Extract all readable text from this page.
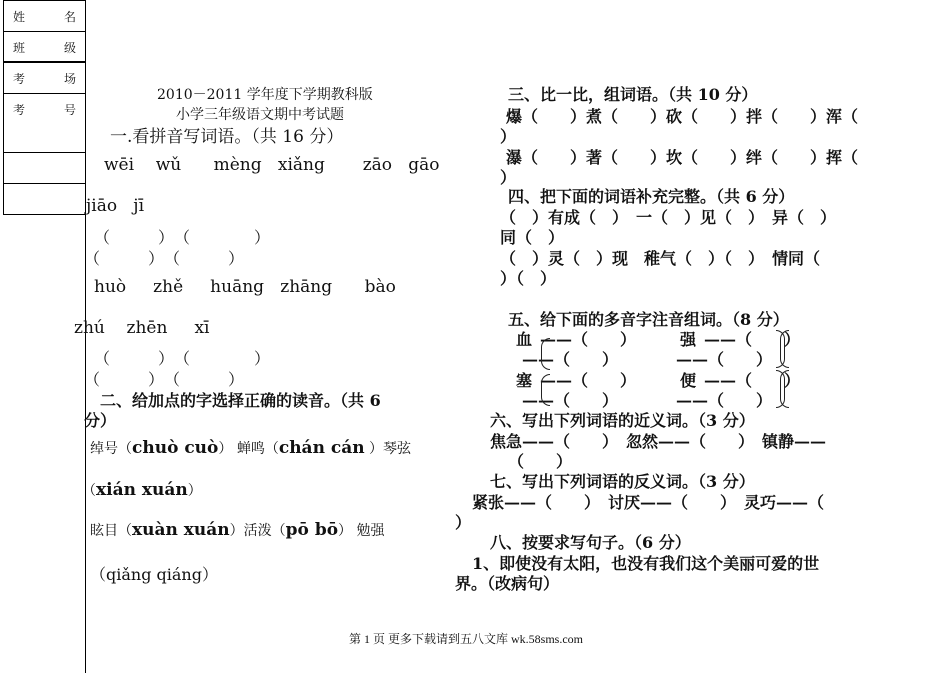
姓	名
班	级
考	场
考	号
2010－2011 学年度下学期教科版
小学三年级语文期中考试题
一.看拼音写词语。（共 16 分）
wēi wǔ mèng xiǎng zāo gāo
jiāo jī
（　　　）　（　　　　）
（　　　）　（　　　）
huò zhě huāng zhāng bào
zhú zhēn xī
（　　　）　（　　　　）
（　　　）　（　　　）
二、给加点的字选择正确的读音。（共 6
分）
绰号（chuò cuò） 蝉鸣（chán cán ）琴弦
（xián xuán）
眩目（xuàn xuán）活泼（pō bō） 勉强
（qiǎng qiáng）
三、比一比，组词语。（共 10 分）
爆（　　）煮（　　）砍（　　）拌（　　）浑（
）
瀑（　　）著（　　）坎（　　）绊（　　）挥（
）
四、把下面的词语补充完整。（共 6 分）
（　）有成（　）　一（　）见（　）　异（　）
同（　）
（　）灵（　）现　稚气（　）（　）　情同（
）（　）
五、给下面的多音字注音组词。（8 分）
血 ——（　　）
——（　　）
强 ——（　　）
——（　　）
塞 ——（　　）
——（　　）
便 ——（　　）
——（　　）
六、写出下列词语的近义词。（3 分）
焦急——（　　）　忽然——（　　）　镇静——
（　　）
七、写出下列词语的反义词。（3 分）
紧张——（　　）　讨厌——（　　）　灵巧——（
）
八、按要求写句子。（6 分）
1、即使没有太阳，也没有我们这个美丽可爱的世
界。（改病句）
第 1 页 更多下载请到五八文库 wk.58sms.com
